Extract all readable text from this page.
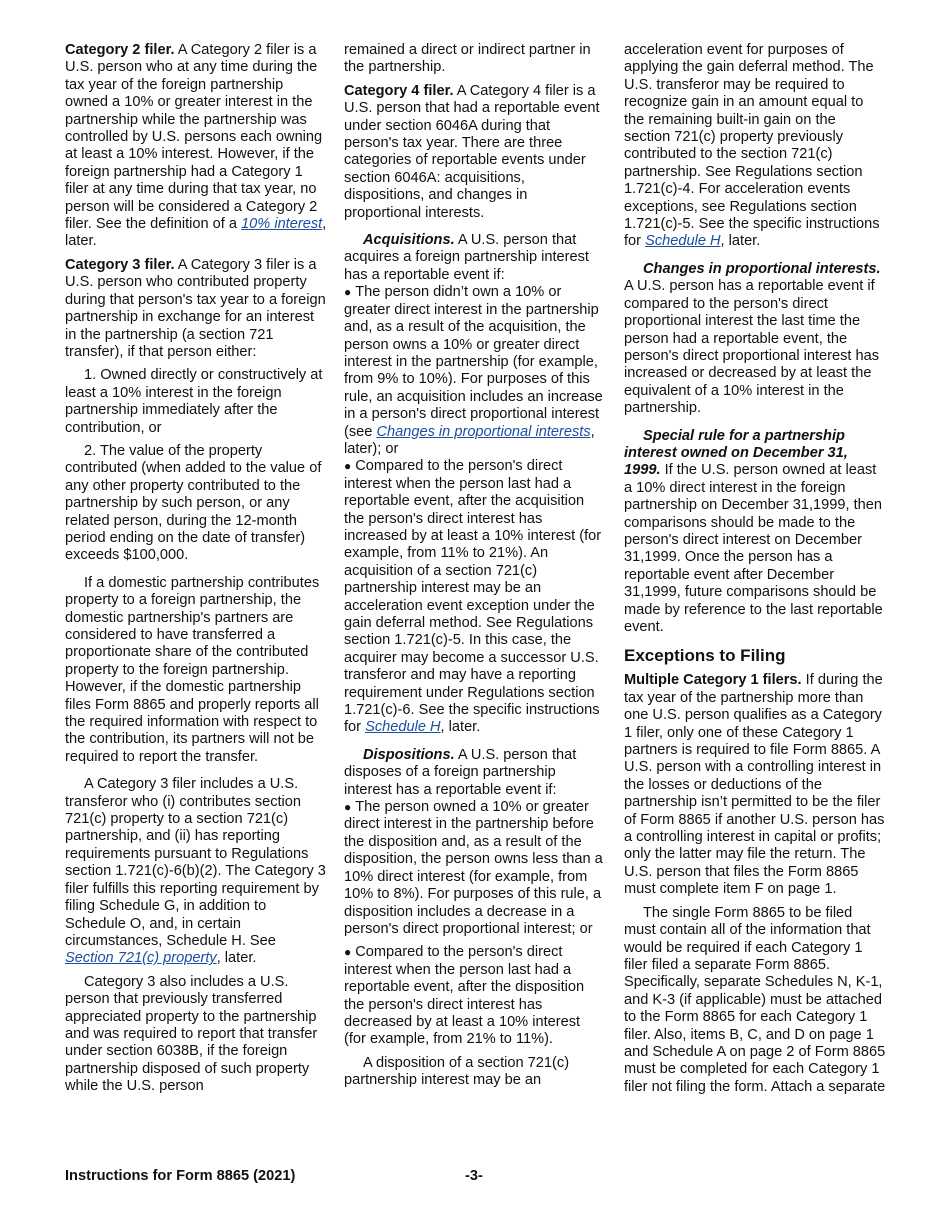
Category 2 filer. A Category 2 filer is a U.S. person who at any time during the tax year of the foreign partnership owned a 10% or greater interest in the partnership while the partnership was controlled by U.S. persons each owning at least a 10% interest. However, if the foreign partnership had a Category 1 filer at any time during that tax year, no person will be considered a Category 2 filer. See the definition of a 10% interest, later.

Category 3 filer. A Category 3 filer is a U.S. person who contributed property during that person's tax year to a foreign partnership in exchange for an interest in the partnership (a section 721 transfer), if that person either:

1. Owned directly or constructively at least a 10% interest in the foreign partnership immediately after the contribution, or

2. The value of the property contributed (when added to the value of any other property contributed to the partnership by such person, or any related person, during the 12-month period ending on the date of transfer) exceeds $100,000.

If a domestic partnership contributes property to a foreign partnership, the domestic partnership's partners are considered to have transferred a proportionate share of the contributed property to the foreign partnership. However, if the domestic partnership files Form 8865 and properly reports all the required information with respect to the contribution, its partners will not be required to report the transfer.

A Category 3 filer includes a U.S. transferor who (i) contributes section 721(c) property to a section 721(c) partnership, and (ii) has reporting requirements pursuant to Regulations section 1.721(c)-6(b)(2). The Category 3 filer fulfills this reporting requirement by filing Schedule G, in addition to Schedule O, and, in certain circumstances, Schedule H. See Section 721(c) property, later.

Category 3 also includes a U.S. person that previously transferred appreciated property to the partnership and was required to report that transfer under section 6038B, if the foreign partnership disposed of such property while the U.S. person

remained a direct or indirect partner in the partnership.

Category 4 filer. A Category 4 filer is a U.S. person that had a reportable event under section 6046A during that person's tax year. There are three categories of reportable events under section 6046A: acquisitions, dispositions, and changes in proportional interests.

Acquisitions. A U.S. person that acquires a foreign partnership interest has a reportable event if:

● The person didn’t own a 10% or greater direct interest in the partnership and, as a result of the acquisition, the person owns a 10% or greater direct interest in the partnership (for example, from 9% to 10%). For purposes of this rule, an acquisition includes an increase in a person's direct proportional interest (see Changes in proportional interests, later); or

● Compared to the person's direct interest when the person last had a reportable event, after the acquisition the person's direct interest has increased by at least a 10% interest (for example, from 11% to 21%). An acquisition of a section 721(c) partnership interest may be an acceleration event exception under the gain deferral method. See Regulations section 1.721(c)-5. In this case, the acquirer may become a successor U.S. transferor and may have a reporting requirement under Regulations section 1.721(c)-6. See the specific instructions for Schedule H, later.

Dispositions. A U.S. person that disposes of a foreign partnership interest has a reportable event if:

● The person owned a 10% or greater direct interest in the partnership before the disposition and, as a result of the disposition, the person owns less than a 10% direct interest (for example, from 10% to 8%). For purposes of this rule, a disposition includes a decrease in a person's direct proportional interest; or

● Compared to the person's direct interest when the person last had a reportable event, after the disposition the person's direct interest has decreased by at least a 10% interest (for example, from 21% to 11%).

A disposition of a section 721(c) partnership interest may be an

acceleration event for purposes of applying the gain deferral method. The U.S. transferor may be required to recognize gain in an amount equal to the remaining built-in gain on the section 721(c) property previously contributed to the section 721(c) partnership. See Regulations section 1.721(c)-4. For acceleration events exceptions, see Regulations section 1.721(c)-5. See the specific instructions for Schedule H, later.

Changes in proportional interests. A U.S. person has a reportable event if compared to the person's direct proportional interest the last time the person had a reportable event, the person's direct proportional interest has increased or decreased by at least the equivalent of a 10% interest in the partnership.

Special rule for a partnership interest owned on December 31, 1999. If the U.S. person owned at least a 10% direct interest in the foreign partnership on December 31,1999, then comparisons should be made to the person's direct interest on December 31,1999. Once the person has a reportable event after December 31,1999, future comparisons should be made by reference to the last reportable event.

Exceptions to Filing

Multiple Category 1 filers. If during the tax year of the partnership more than one U.S. person qualifies as a Category 1 filer, only one of these Category 1 partners is required to file Form 8865. A U.S. person with a controlling interest in the losses or deductions of the partnership isn’t permitted to be the filer of Form 8865 if another U.S. person has a controlling interest in capital or profits; only the latter may file the return. The U.S. person that files the Form 8865 must complete item F on page 1.

The single Form 8865 to be filed must contain all of the information that would be required if each Category 1 filer filed a separate Form 8865. Specifically, separate Schedules N, K-1, and K-3 (if applicable) must be attached to the Form 8865 for each Category 1 filer. Also, items B, C, and D on page 1 and Schedule A on page 2 of Form 8865 must be completed for each Category 1 filer not filing the form. Attach a separate

Instructions for Form 8865 (2021)	-3-
